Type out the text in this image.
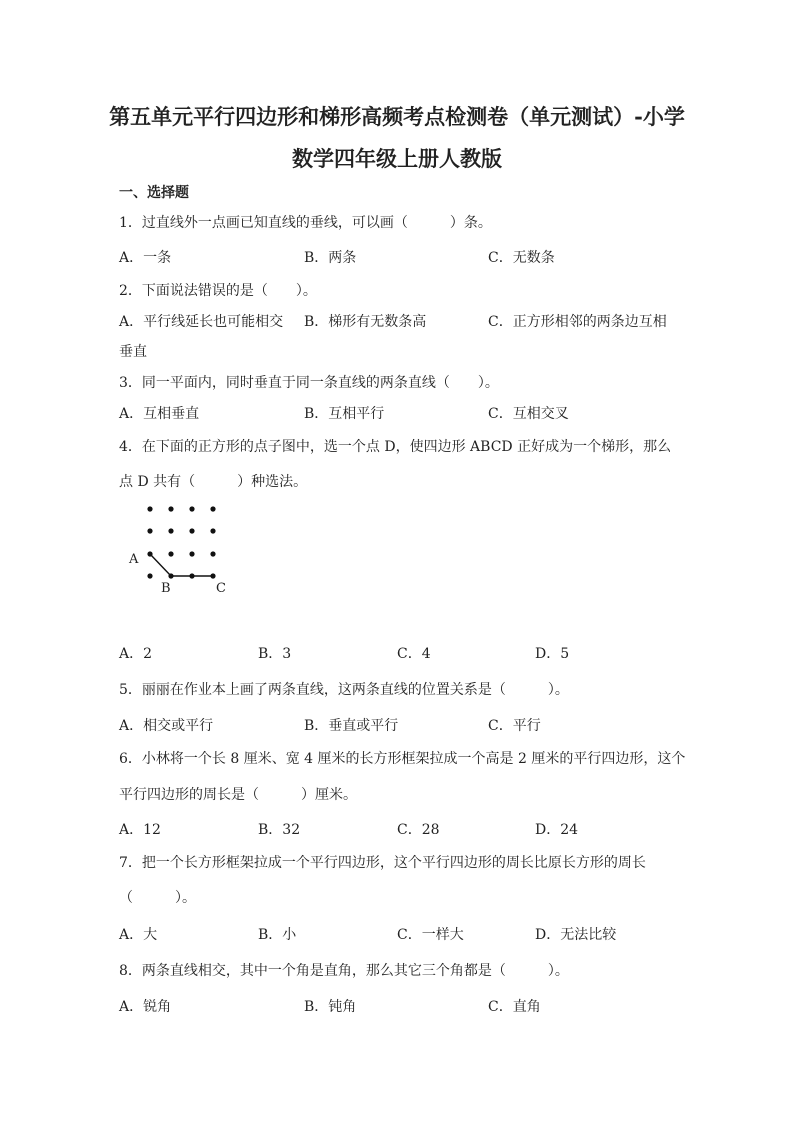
第五单元平行四边形和梯形高频考点检测卷（单元测试）-小学
数学四年级上册人教版
一、选择题
1．过直线外一点画已知直线的垂线，可以画（　　　）条。
A．一条	B．两条	C．无数条
2．下面说法错误的是（　　）。
A．平行线延长也可能相交 B．梯形有无数条高	C．正方形相邻的两条边互相
垂直
3．同一平面内，同时垂直于同一条直线的两条直线（　　）。
A．互相垂直	B．互相平行	C．互相交叉
4．在下面的正方形的点子图中，选一个点 D，使四边形 ABCD 正好成为一个梯形，那么
点 D 共有（　　　）种选法。
A
B	C
A．2	B．3	C．4	D．5
5．丽丽在作业本上画了两条直线，这两条直线的位置关系是（　　　）。
A．相交或平行	B．垂直或平行	C．平行
6．小林将一个长 8 厘米、宽 4 厘米的长方形框架拉成一个高是 2 厘米的平行四边形，这个
平行四边形的周长是（　　　）厘米。
A．12	B．32	C．28	D．24
7．把一个长方形框架拉成一个平行四边形，这个平行四边形的周长比原长方形的周长
（　　　）。
A．大	B．小	C．一样大	D．无法比较
8．两条直线相交，其中一个角是直角，那么其它三个角都是（　　　）。
A．锐角	B．钝角	C．直角
